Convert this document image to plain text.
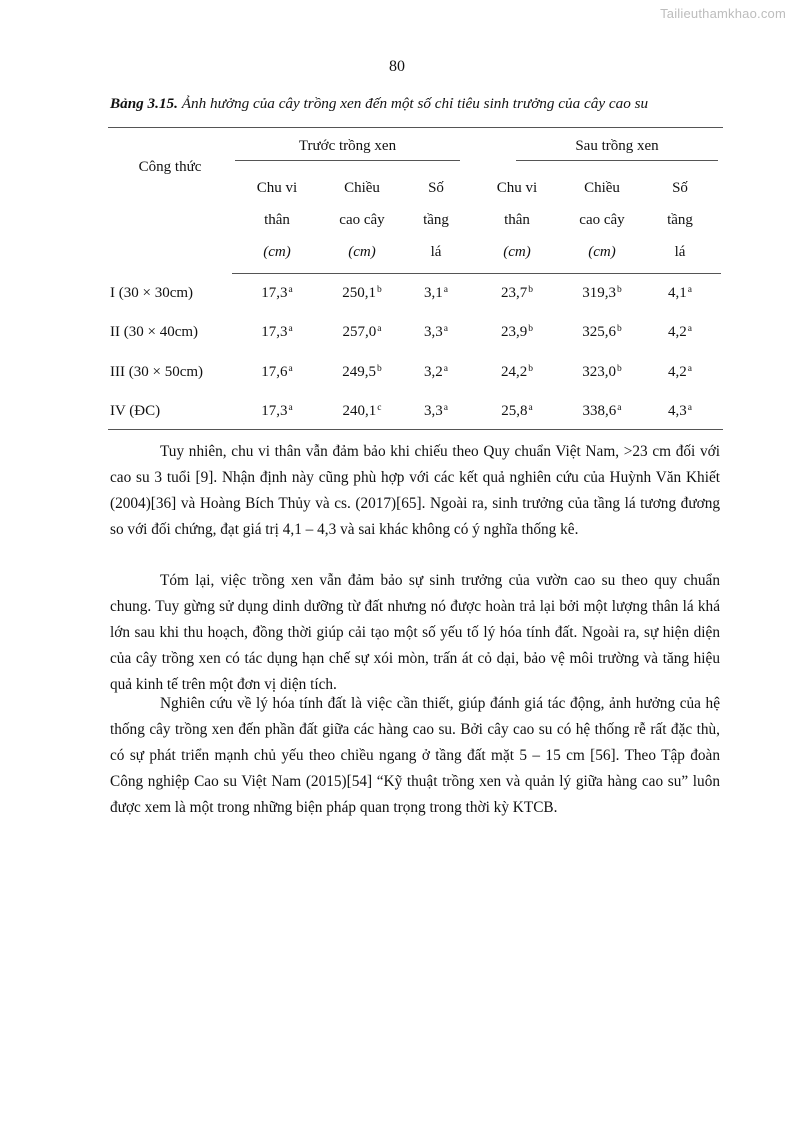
Tailieuthamkhao.com
80
Bảng 3.15. Ảnh hưởng của cây trồng xen đến một số chỉ tiêu sinh trưởng của cây cao su
Công thức
Trước trồng xen	Sau trồng xen
Chu vi
thân
(cm)
Chiều
cao cây
(cm)
Số
tầng
lá
Chu vi
thân
(cm)
Chiều
cao cây
(cm)
Số
tầng
lá
I (30 × 30cm)	17,3$^a$	250,1$^b$	3,1$^a$	23,7$^b$	319,3$^b$	4,1$^a$
II (30 × 40cm)	17,3$^a$	257,0$^a$	3,3$^a$	23,9$^b$	325,6$^b$	4,2$^a$
III (30 × 50cm)	17,6$^a$	249,5$^b$	3,2$^a$	24,2$^b$	323,0$^b$	4,2$^a$
IV (ĐC)	17,3$^a$	240,1$^c$	3,3$^a$	25,8$^a$	338,6$^a$	4,3$^a$

Tuy nhiên, chu vi thân vẫn đảm bảo khi chiếu theo Quy chuẩn Việt Nam, >23 cm đối với cao su 3 tuổi [9]. Nhận định này cũng phù hợp với các kết quả nghiên cứu của Huỳnh Văn Khiết (2004)[36] và Hoàng Bích Thủy và cs. (2017)[65]. Ngoài ra, sinh trưởng của tầng lá tương đương so với đối chứng, đạt giá trị 4,1 – 4,3 và sai khác không có ý nghĩa thống kê.

Tóm lại, việc trồng xen vẫn đảm bảo sự sinh trưởng của vườn cao su theo quy chuẩn chung. Tuy gừng sử dụng dinh dưỡng từ đất nhưng nó được hoàn trả lại bởi một lượng thân lá khá lớn sau khi thu hoạch, đồng thời giúp cải tạo một số yếu tố lý hóa tính đất. Ngoài ra, sự hiện diện của cây trồng xen có tác dụng hạn chế sự xói mòn, trấn át cỏ dại, bảo vệ môi trường và tăng hiệu quả kinh tế trên một đơn vị diện tích.

Nghiên cứu về lý hóa tính đất là việc cần thiết, giúp đánh giá tác động, ảnh hưởng của hệ thống cây trồng xen đến phần đất giữa các hàng cao su. Bởi cây cao su có hệ thống rễ rất đặc thù, có sự phát triển mạnh chủ yếu theo chiều ngang ở tầng đất mặt 5 – 15 cm [56]. Theo Tập đoàn Công nghiệp Cao su Việt Nam (2015)[54] “Kỹ thuật trồng xen và quản lý giữa hàng cao su” luôn được xem là một trong những biện pháp quan trọng trong thời kỳ KTCB.
